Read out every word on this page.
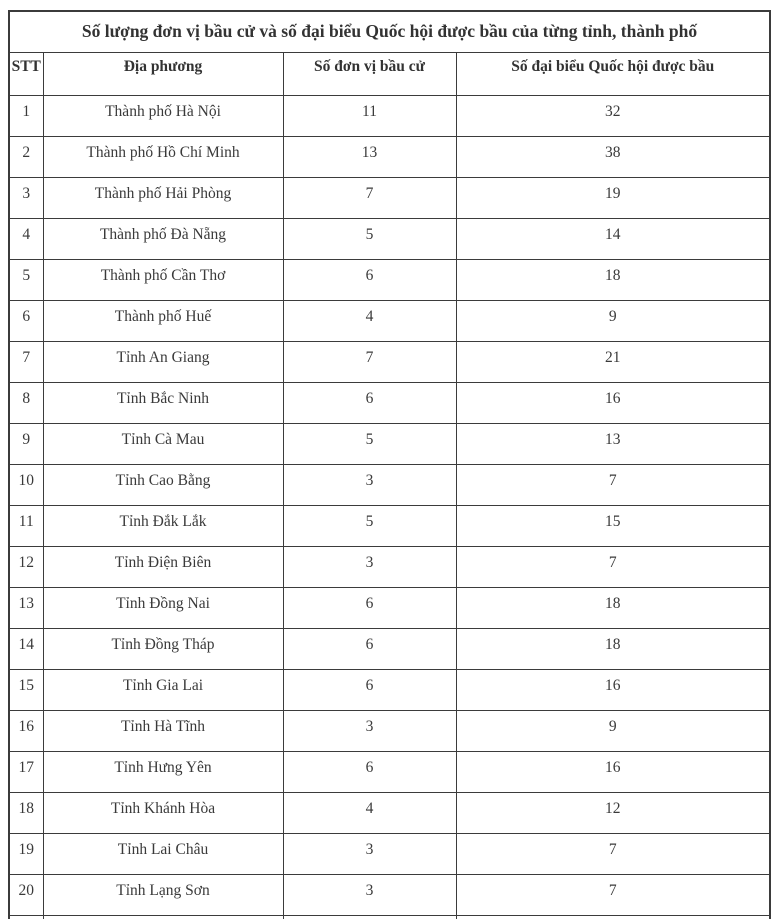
Số lượng đơn vị bầu cử và số đại biểu Quốc hội được bầu của từng tỉnh, thành phố			
STT	Địa phương	Số đơn vị bầu cử	Số đại biểu Quốc hội được bầu
1	Thành phố Hà Nội	11	32
2	Thành phố Hồ Chí Minh	13	38
3	Thành phố Hải Phòng	7	19
4	Thành phố Đà Nẵng	5	14
5	Thành phố Cần Thơ	6	18
6	Thành phố Huế	4	9
7	Tỉnh An Giang	7	21
8	Tỉnh Bắc Ninh	6	16
9	Tỉnh Cà Mau	5	13
10	Tỉnh Cao Bằng	3	7
11	Tỉnh Đắk Lắk	5	15
12	Tỉnh Điện Biên	3	7
13	Tỉnh Đồng Nai	6	18
14	Tỉnh Đồng Tháp	6	18
15	Tỉnh Gia Lai	6	16
16	Tỉnh Hà Tĩnh	3	9
17	Tỉnh Hưng Yên	6	16
18	Tỉnh Khánh Hòa	4	12
19	Tỉnh Lai Châu	3	7
20	Tỉnh Lạng Sơn	3	7
